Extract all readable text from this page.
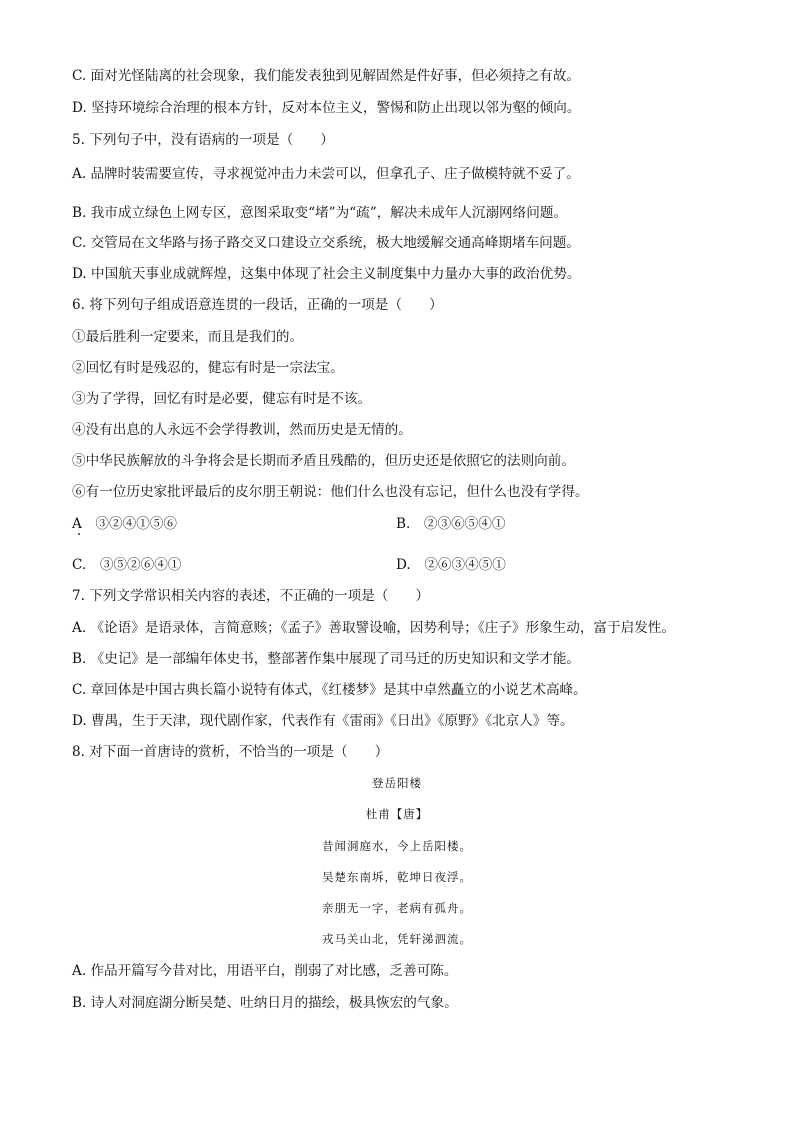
C. 面对光怪陆离的社会现象，我们能发表独到见解固然是件好事，但必须持之有故。
D. 坚持环境综合治理的根本方针，反对本位主义，警惕和防止出现以邻为壑的倾向。
5. 下列句子中，没有语病的一项是（　　）
A. 品牌时装需要宣传，寻求视觉冲击力未尝可以，但拿孔子、庄子做模特就不妥了。
B. 我市成立绿色上网专区，意图采取变“堵”为“疏”，解决未成年人沉溺网络问题。
C. 交管局在文华路与扬子路交叉口建设立交系统，极大地缓解交通高峰期堵车问题。
D. 中国航天事业成就辉煌，这集中体现了社会主义制度集中力量办大事的政治优势。
6. 将下列句子组成语意连贯的一段话，正确的一项是（　　）
①最后胜利一定要来，而且是我们的。
②回忆有时是残忍的，健忘有时是一宗法宝。
③为了学得，回忆有时是必要，健忘有时是不该。
④没有出息的人永远不会学得教训，然而历史是无情的。
⑤中华民族解放的斗争将会是长期而矛盾且残酷的，但历史还是依照它的法则向前。
⑥有一位历史家批评最后的皮尔朋王朝说：他们什么也没有忘记，但什么也没有学得。
A　③②④①⑤⑥	B.　②③⑥⑤④①
C.　③⑤②⑥④①	D.　②⑥③④⑤①
7. 下列文学常识相关内容的表述，不正确的一项是（　　）
A. 《论语》是语录体，言简意赅；《孟子》善取譬设喻，因势利导；《庄子》形象生动，富于启发性。
B. 《史记》是一部编年体史书，整部著作集中展现了司马迁的历史知识和文学才能。
C. 章回体是中国古典长篇小说特有体式，《红楼梦》是其中卓然矗立的小说艺术高峰。
D. 曹禺，生于天津，现代剧作家，代表作有《雷雨》《日出》《原野》《北京人》等。
8. 对下面一首唐诗的赏析，不恰当的一项是（　　）
登岳阳楼
杜甫【唐】
昔闻洞庭水，今上岳阳楼。
吴楚东南坼，乾坤日夜浮。
亲朋无一字，老病有孤舟。
戎马关山北，凭轩涕泗流。
A. 作品开篇写今昔对比，用语平白，削弱了对比感，乏善可陈。
B. 诗人对洞庭湖分断吴楚、吐纳日月的描绘，极具恢宏的气象。
